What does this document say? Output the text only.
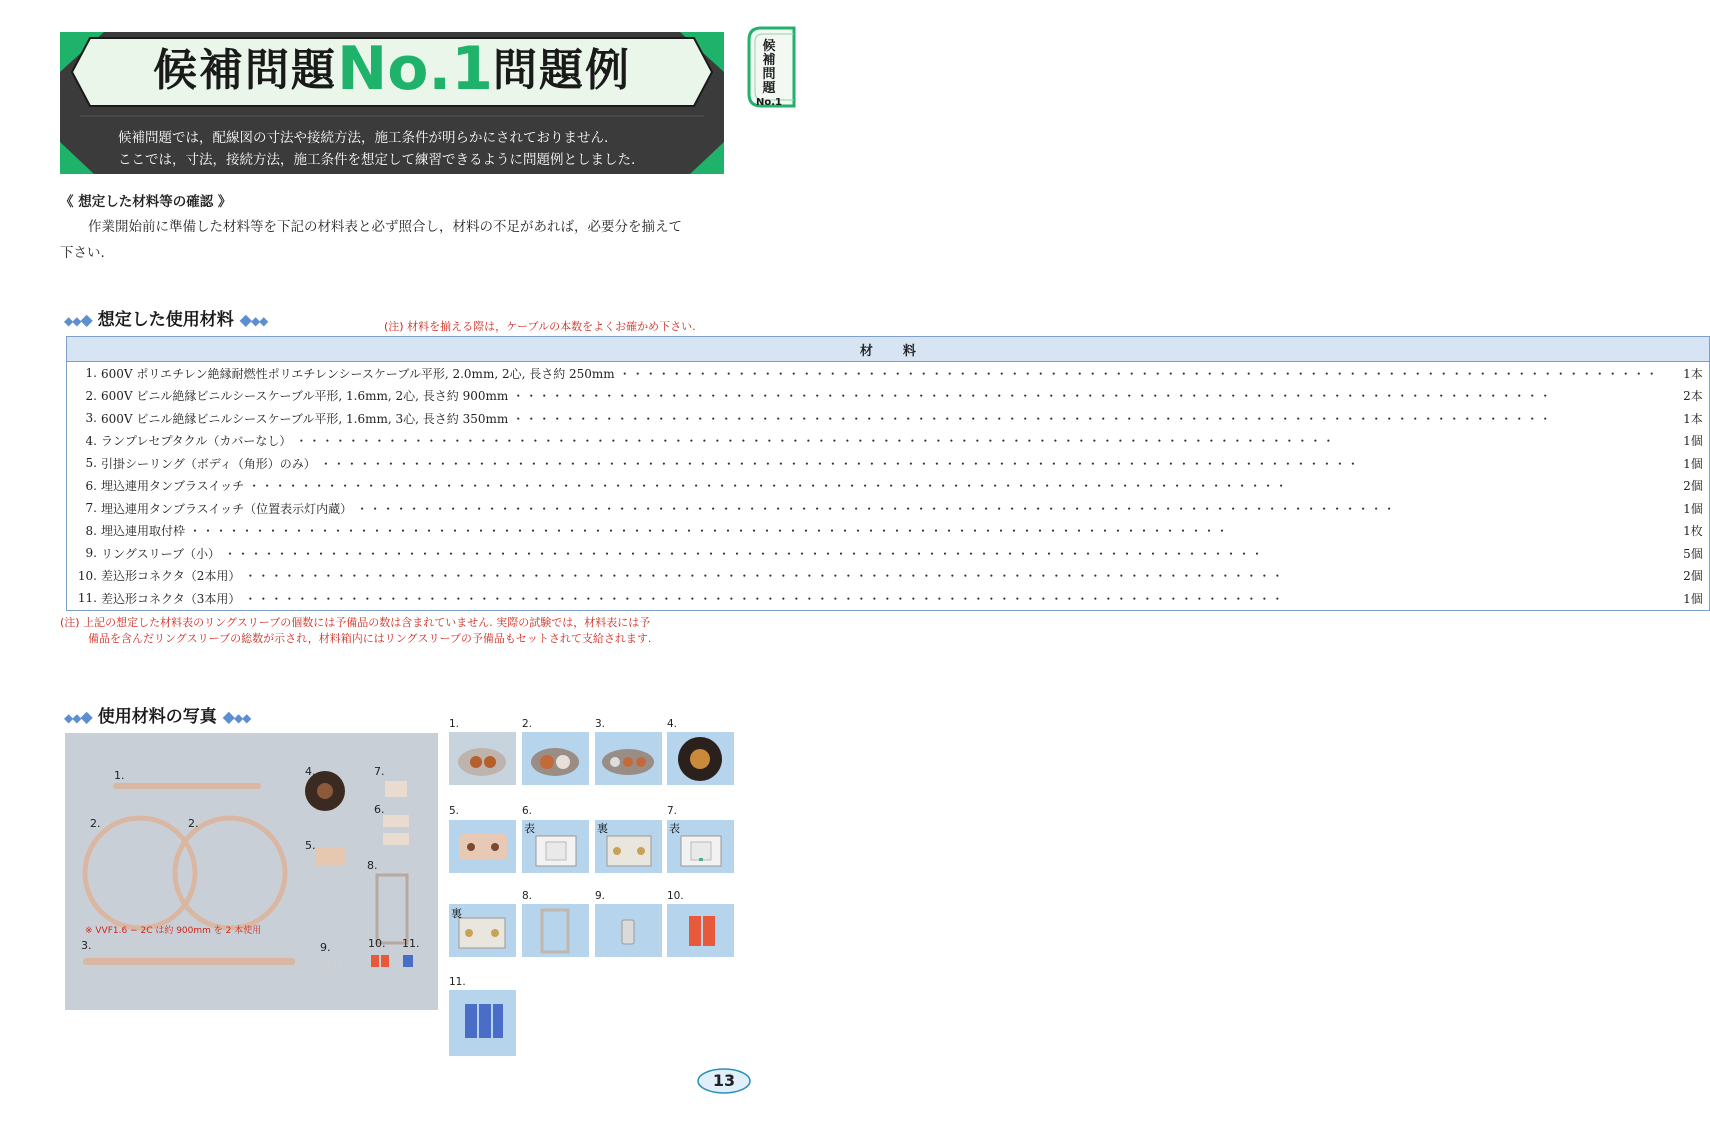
候補問題No.1問題例
候補問題では，配線図の寸法や接続方法，施工条件が明らかにされておりません.
ここでは，寸法，接続方法，施工条件を想定して練習できるように問題例としました.
候
補
問
題
No.1
《 想定した材料等の確認 》
作業開始前に準備した材料等を下記の材料表と必ず照合し，材料の不足があれば，必要分を揃えて
下さい.
◆◆◆ 想定した使用材料 ◆◆◆	(注) 材料を揃える際は，ケーブルの本数をよくお確かめ下さい.
材料

1. 600V ポリエチレン絶縁耐燃性ポリエチレンシースケーブル平形, 2.0mm, 2心, 長さ約 250mm ・・・・・・・・・・・・・・・・・・・・・・・・・・・・・・・・・・・・・・・・・・・・・・・・・・・・・・・・・・・・・・・・・・・・・・・・・・・・・・・・	1本

2. 600V ビニル絶縁ビニルシースケーブル平形, 1.6mm, 2心, 長さ約 900mm ・・・・・・・・・・・・・・・・・・・・・・・・・・・・・・・・・・・・・・・・・・・・・・・・・・・・・・・・・・・・・・・・・・・・・・・・・・・・・・・・	2本

3. 600V ビニル絶縁ビニルシースケーブル平形, 1.6mm, 3心, 長さ約 350mm ・・・・・・・・・・・・・・・・・・・・・・・・・・・・・・・・・・・・・・・・・・・・・・・・・・・・・・・・・・・・・・・・・・・・・・・・・・・・・・・・	1本

4. ランプレセプタクル（カバーなし） ・・・・・・・・・・・・・・・・・・・・・・・・・・・・・・・・・・・・・・・・・・・・・・・・・・・・・・・・・・・・・・・・・・・・・・・・・・・・・・・・	1個

5. 引掛シーリング（ボディ（角形）のみ） ・・・・・・・・・・・・・・・・・・・・・・・・・・・・・・・・・・・・・・・・・・・・・・・・・・・・・・・・・・・・・・・・・・・・・・・・・・・・・・・・	1個

6. 埋込連用タンブラスイッチ ・・・・・・・・・・・・・・・・・・・・・・・・・・・・・・・・・・・・・・・・・・・・・・・・・・・・・・・・・・・・・・・・・・・・・・・・・・・・・・・・	2個

7. 埋込連用タンブラスイッチ（位置表示灯内蔵） ・・・・・・・・・・・・・・・・・・・・・・・・・・・・・・・・・・・・・・・・・・・・・・・・・・・・・・・・・・・・・・・・・・・・・・・・・・・・・・・・	1個

8. 埋込連用取付枠 ・・・・・・・・・・・・・・・・・・・・・・・・・・・・・・・・・・・・・・・・・・・・・・・・・・・・・・・・・・・・・・・・・・・・・・・・・・・・・・・・	1枚

9. リングスリーブ（小） ・・・・・・・・・・・・・・・・・・・・・・・・・・・・・・・・・・・・・・・・・・・・・・・・・・・・・・・・・・・・・・・・・・・・・・・・・・・・・・・・	5個

10. 差込形コネクタ（2本用） ・・・・・・・・・・・・・・・・・・・・・・・・・・・・・・・・・・・・・・・・・・・・・・・・・・・・・・・・・・・・・・・・・・・・・・・・・・・・・・・・	2個

11. 差込形コネクタ（3本用） ・・・・・・・・・・・・・・・・・・・・・・・・・・・・・・・・・・・・・・・・・・・・・・・・・・・・・・・・・・・・・・・・・・・・・・・・・・・・・・・・	1個
(注) 上記の想定した材料表のリングスリーブの個数には予備品の数は含まれていません. 実際の試験では，材料表には予
備品を含んだリングスリーブの総数が示され，材料箱内にはリングスリーブの予備品もセットされて支給されます.
◆◆◆ 使用材料の写真 ◆◆◆
1.
2.	2.
3.
4.
5.
6.
7.
8.
9.	10. 11.
※ VVF1.6 − 2C は約 900mm を 2 本使用
1.	2.	3.	4.
5.	6.
表	裏
7.
表
裏
8.	9.	10.
11.
13
